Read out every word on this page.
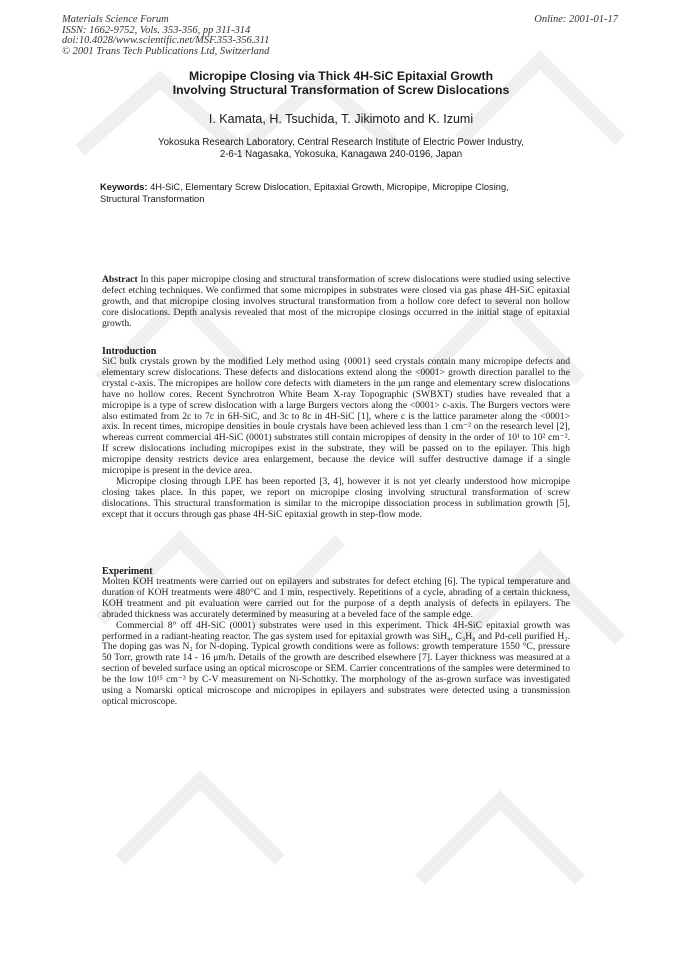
Materials Science Forum
ISSN: 1662-9752, Vols. 353-356, pp 311-314
doi:10.4028/www.scientific.net/MSF.353-356.311
© 2001 Trans Tech Publications Ltd, Switzerland
Online: 2001-01-17
Micropipe Closing via Thick 4H-SiC Epitaxial Growth
Involving Structural Transformation of Screw Dislocations
I. Kamata, H. Tsuchida, T. Jikimoto and K. Izumi
Yokosuka Research Laboratory, Central Research Institute of Electric Power Industry,
2-6-1 Nagasaka, Yokosuka, Kanagawa 240-0196, Japan
Keywords: 4H-SiC, Elementary Screw Dislocation, Epitaxial Growth, Micropipe, Micropipe Closing, Structural Transformation

Abstract In this paper micropipe closing and structural transformation of screw dislocations were studied using selective defect etching techniques. We confirmed that some micropipes in substrates were closed via gas phase 4H-SiC epitaxial growth, and that micropipe closing involves structural transformation from a hollow core defect to several non hollow core dislocations. Depth analysis revealed that most of the micropipe closings occurred in the initial stage of epitaxial growth.

Introduction

SiC bulk crystals grown by the modified Lely method using {0001} seed crystals contain many micropipe defects and elementary screw dislocations. These defects and dislocations extend along the <0001> growth direction parallel to the crystal c-axis. The micropipes are hollow core defects with diameters in the μm range and elementary screw dislocations have no hollow cores. Recent Synchrotron White Beam X-ray Topographic (SWBXT) studies have revealed that a micropipe is a type of screw dislocation with a large Burgers vectors along the <0001> c-axis. The Burgers vectors were also estimated from 2c to 7c in 6H-SiC, and 3c to 8c in 4H-SiC [1], where c is the lattice parameter along the <0001> axis. In recent times, micropipe densities in boule crystals have been achieved less than 1 cm⁻² on the research level [2], whereas current commercial 4H-SiC (0001) substrates still contain micropipes of density in the order of 10¹ to 10² cm⁻². If screw dislocations including micropipes exist in the substrate, they will be passed on to the epilayer. This high micropipe density restricts device area enlargement, because the device will suffer destructive damage if a single micropipe is present in the device area.

Micropipe closing through LPE has been reported [3, 4], however it is not yet clearly understood how micropipe closing takes place. In this paper, we report on micropipe closing involving structural transformation of screw dislocations. This structural transformation is similar to the micropipe dissociation process in sublimation growth [5], except that it occurs through gas phase 4H-SiC epitaxial growth in step-flow mode.

Experiment

Molten KOH treatments were carried out on epilayers and substrates for defect etching [6]. The typical temperature and duration of KOH treatments were 480°C and 1 min, respectively. Repetitions of a cycle, abrading of a certain thickness, KOH treatment and pit evaluation were carried out for the purpose of a depth analysis of defects in epilayers. The abraded thickness was accurately determined by measuring at a beveled face of the sample edge.

Commercial 8° off 4H-SiC (0001) substrates were used in this experiment. Thick 4H-SiC epitaxial growth was performed in a radiant-heating reactor. The gas system used for epitaxial growth was SiH₄, C₃H₈ and Pd-cell purified H₂. The doping gas was N₂ for N-doping. Typical growth conditions were as follows: growth temperature 1550 °C, pressure 50 Torr, growth rate 14 - 16 μm/h. Details of the growth are described elsewhere [7]. Layer thickness was measured at a section of beveled surface using an optical microscope or SEM. Carrier concentrations of the samples were determined to be the low 10¹⁵ cm⁻³ by C-V measurement on Ni-Schottky. The morphology of the as-grown surface was investigated using a Nomarski optical microscope and micropipes in epilayers and substrates were detected using a transmission optical microscope.
